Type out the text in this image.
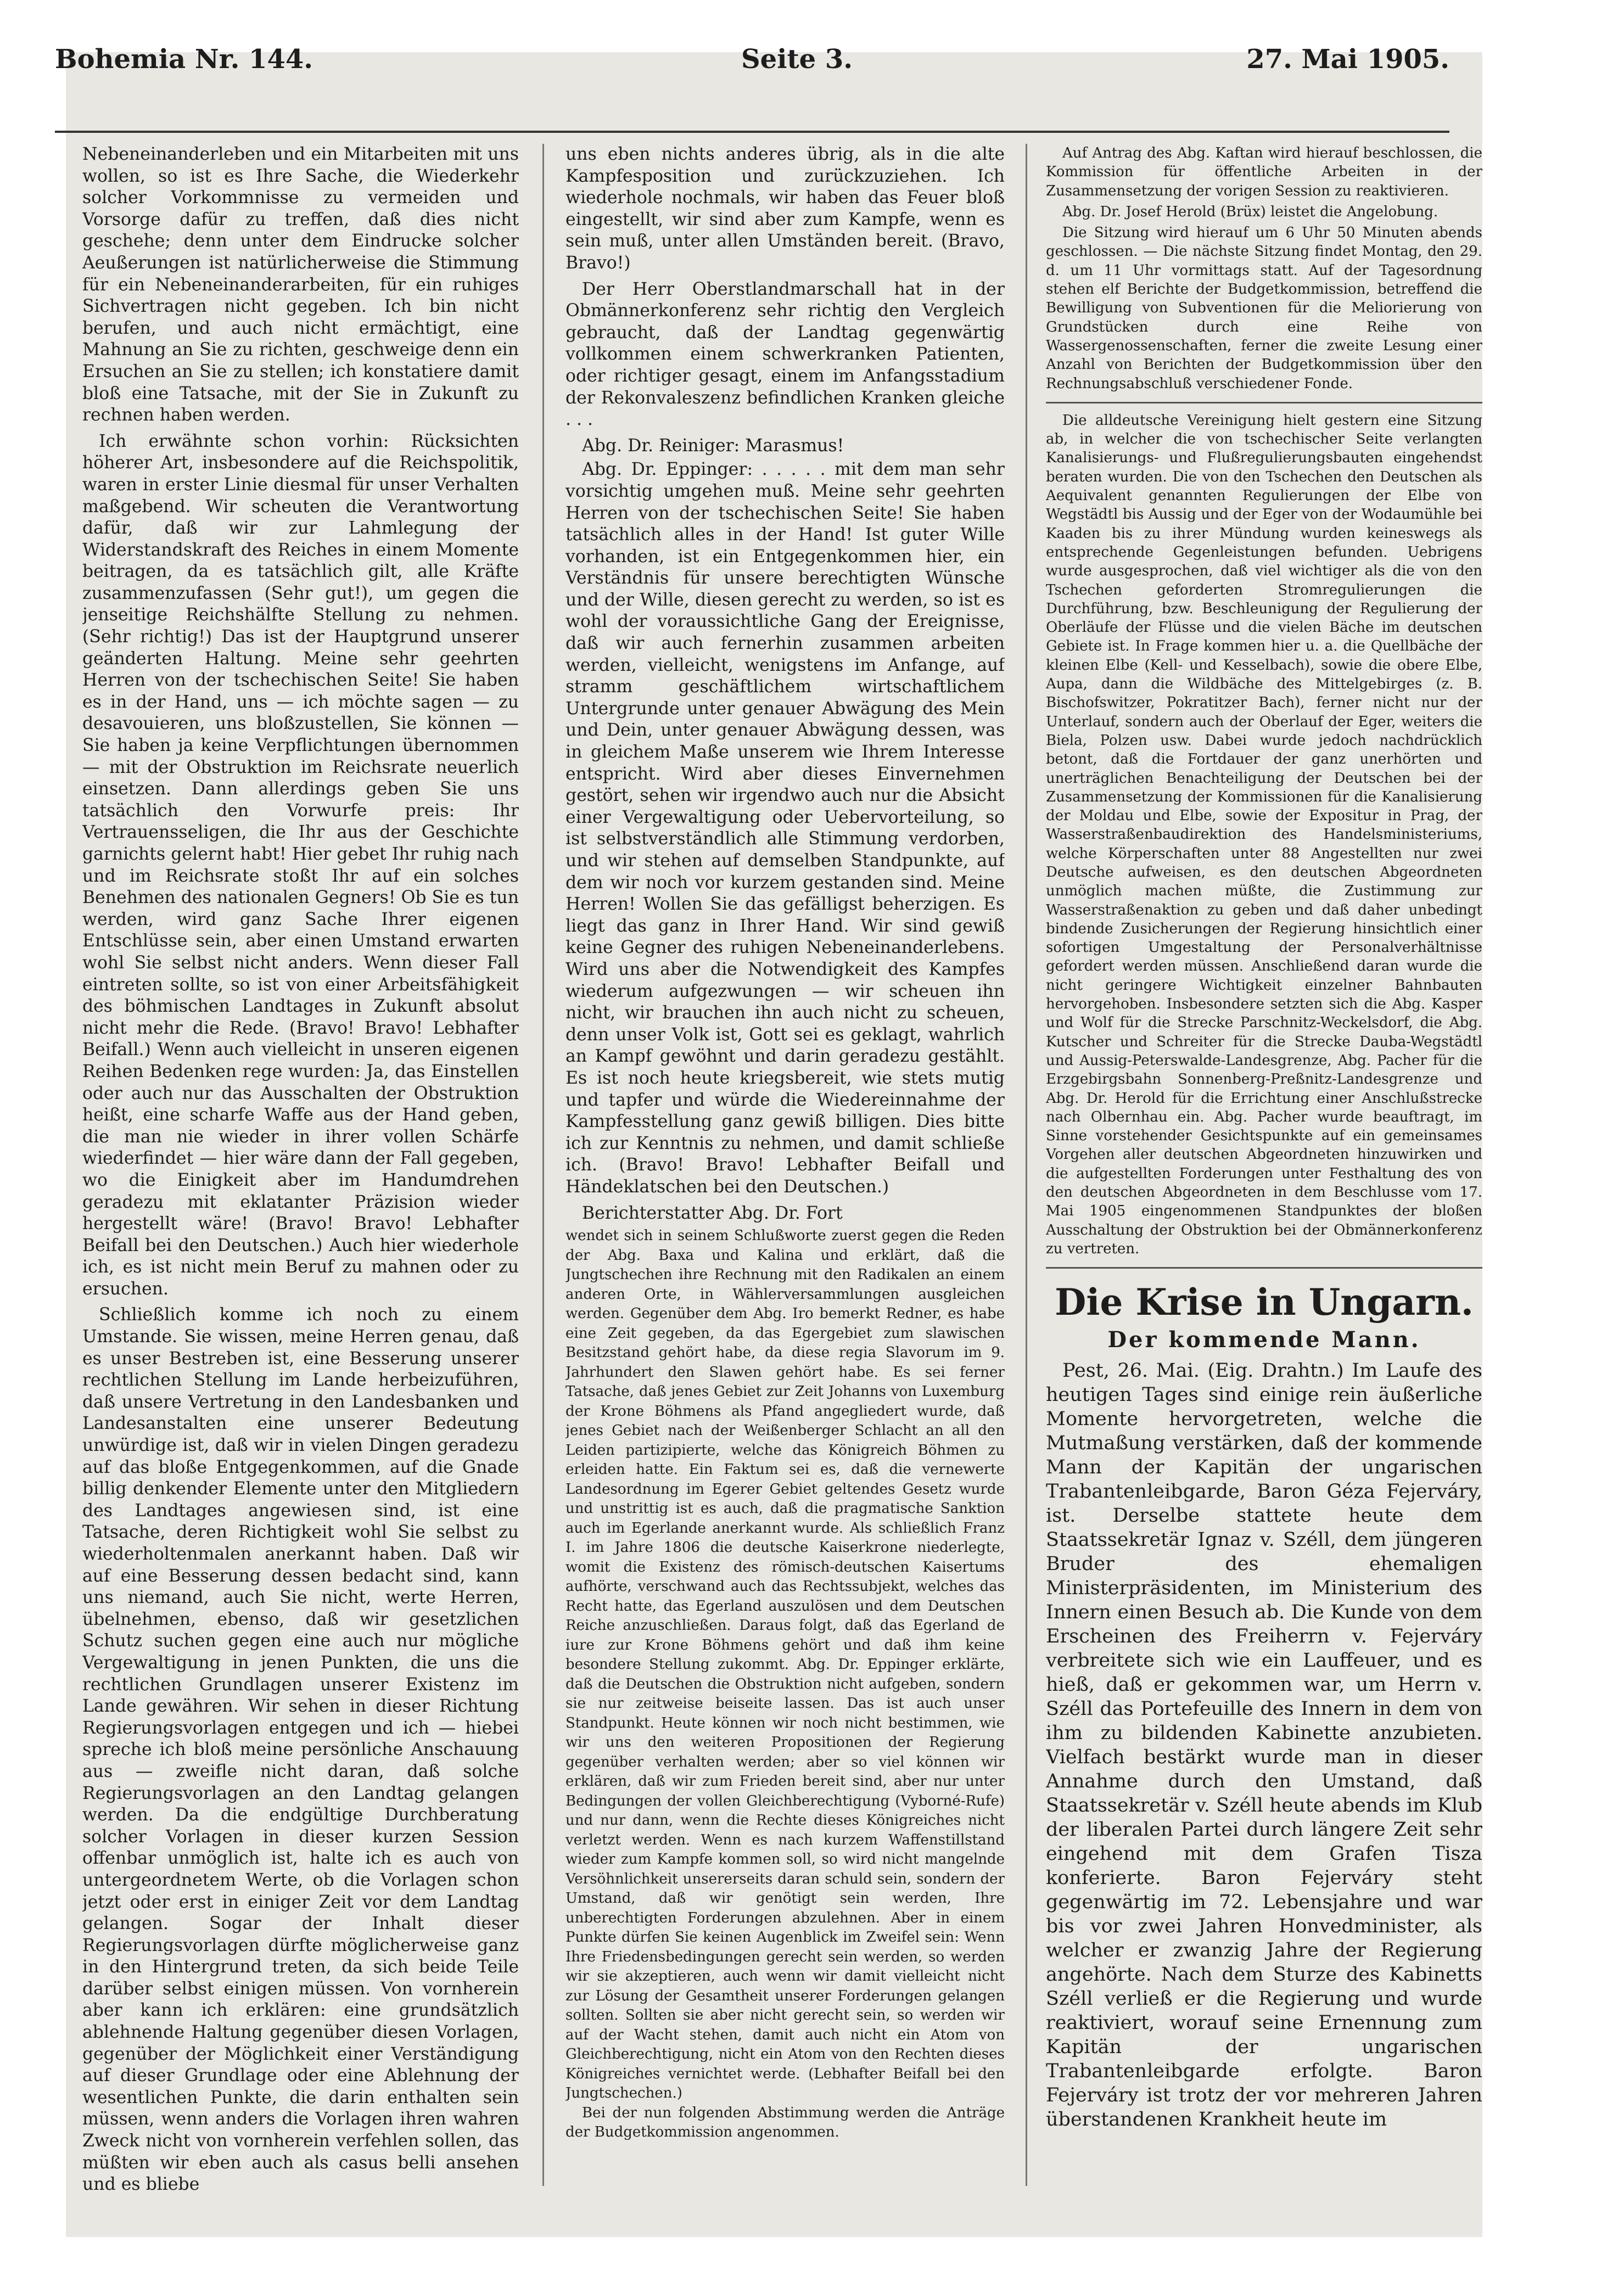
Bohemia Nr. 144.	Seite 3.	27. Mai 1905.

Nebeneinanderleben und ein Mitarbeiten mit uns wollen, so ist es Ihre Sache, die Wiederkehr solcher Vorkommnisse zu vermeiden und Vorsorge dafür zu treffen, daß dies nicht geschehe; denn unter dem Eindrucke solcher Aeußerungen ist natürlicherweise die Stimmung für ein Nebeneinanderarbeiten, für ein ruhiges Sichvertragen nicht gegeben. Ich bin nicht berufen, und auch nicht ermächtigt, eine Mahnung an Sie zu richten, geschweige denn ein Ersuchen an Sie zu stellen; ich konstatiere damit bloß eine Tatsache, mit der Sie in Zukunft zu rechnen haben werden.

Ich erwähnte schon vorhin: Rücksichten höherer Art, insbesondere auf die Reichspolitik, waren in erster Linie diesmal für unser Verhalten maßgebend. Wir scheuten die Verantwortung dafür, daß wir zur Lahmlegung der Widerstandskraft des Reiches in einem Momente beitragen, da es tatsächlich gilt, alle Kräfte zusammenzufassen (Sehr gut!), um gegen die jenseitige Reichshälfte Stellung zu nehmen. (Sehr richtig!) Das ist der Hauptgrund unserer geänderten Haltung. Meine sehr geehrten Herren von der tschechischen Seite! Sie haben es in der Hand, uns — ich möchte sagen — zu desavouieren, uns bloßzustellen, Sie können — Sie haben ja keine Verpflichtungen übernommen — mit der Obstruktion im Reichsrate neuerlich einsetzen. Dann allerdings geben Sie uns tatsächlich den Vorwurfe preis: Ihr Vertrauensseligen, die Ihr aus der Geschichte garnichts gelernt habt! Hier gebet Ihr ruhig nach und im Reichsrate stoßt Ihr auf ein solches Benehmen des nationalen Gegners! Ob Sie es tun werden, wird ganz Sache Ihrer eigenen Entschlüsse sein, aber einen Umstand erwarten wohl Sie selbst nicht anders. Wenn dieser Fall eintreten sollte, so ist von einer Arbeitsfähigkeit des böhmischen Landtages in Zukunft absolut nicht mehr die Rede. (Bravo! Bravo! Lebhafter Beifall.) Wenn auch vielleicht in unseren eigenen Reihen Bedenken rege wurden: Ja, das Einstellen oder auch nur das Ausschalten der Obstruktion heißt, eine scharfe Waffe aus der Hand geben, die man nie wieder in ihrer vollen Schärfe wiederfindet — hier wäre dann der Fall gegeben, wo die Einigkeit aber im Handumdrehen geradezu mit eklatanter Präzision wieder hergestellt wäre! (Bravo! Bravo! Lebhafter Beifall bei den Deutschen.) Auch hier wiederhole ich, es ist nicht mein Beruf zu mahnen oder zu ersuchen.

Schließlich komme ich noch zu einem Umstande. Sie wissen, meine Herren genau, daß es unser Bestreben ist, eine Besserung unserer rechtlichen Stellung im Lande herbeizuführen, daß unsere Vertretung in den Landesbanken und Landesanstalten eine unserer Bedeutung unwürdige ist, daß wir in vielen Dingen geradezu auf das bloße Entgegenkommen, auf die Gnade billig denkender Elemente unter den Mitgliedern des Landtages angewiesen sind, ist eine Tatsache, deren Richtigkeit wohl Sie selbst zu wiederholtenmalen anerkannt haben. Daß wir auf eine Besserung dessen bedacht sind, kann uns niemand, auch Sie nicht, werte Herren, übelnehmen, ebenso, daß wir gesetzlichen Schutz suchen gegen eine auch nur mögliche Vergewaltigung in jenen Punkten, die uns die rechtlichen Grundlagen unserer Existenz im Lande gewähren. Wir sehen in dieser Richtung Regierungsvorlagen entgegen und ich — hiebei spreche ich bloß meine persönliche Anschauung aus — zweifle nicht daran, daß solche Regierungsvorlagen an den Landtag gelangen werden. Da die endgültige Durchberatung solcher Vorlagen in dieser kurzen Session offenbar unmöglich ist, halte ich es auch von untergeordnetem Werte, ob die Vorlagen schon jetzt oder erst in einiger Zeit vor dem Landtag gelangen. Sogar der Inhalt dieser Regierungsvorlagen dürfte möglicherweise ganz in den Hintergrund treten, da sich beide Teile darüber selbst einigen müssen. Von vornherein aber kann ich erklären: eine grundsätzlich ablehnende Haltung gegenüber diesen Vorlagen, gegenüber der Möglichkeit einer Verständigung auf dieser Grundlage oder eine Ablehnung der wesentlichen Punkte, die darin enthalten sein müssen, wenn anders die Vorlagen ihren wahren Zweck nicht von vornherein verfehlen sollen, das müßten wir eben auch als casus belli ansehen und es bliebe

uns eben nichts anderes übrig, als in die alte Kampfesposition und zurückzuziehen. Ich wiederhole nochmals, wir haben das Feuer bloß eingestellt, wir sind aber zum Kampfe, wenn es sein muß, unter allen Umständen bereit. (Bravo, Bravo!)

Der Herr Oberstlandmarschall hat in der Obmännerkonferenz sehr richtig den Vergleich gebraucht, daß der Landtag gegenwärtig vollkommen einem schwerkranken Patienten, oder richtiger gesagt, einem im Anfangsstadium der Rekonvaleszenz befindlichen Kranken gleiche . . .

Abg. Dr. Reiniger: Marasmus!

Abg. Dr. Eppinger: . . . . . mit dem man sehr vorsichtig umgehen muß. Meine sehr geehrten Herren von der tschechischen Seite! Sie haben tatsächlich alles in der Hand! Ist guter Wille vorhanden, ist ein Entgegenkommen hier, ein Verständnis für unsere berechtigten Wünsche und der Wille, diesen gerecht zu werden, so ist es wohl der voraussichtliche Gang der Ereignisse, daß wir auch fernerhin zusammen arbeiten werden, vielleicht, wenigstens im Anfange, auf stramm geschäftlichem wirtschaftlichem Untergrunde unter genauer Abwägung des Mein und Dein, unter genauer Abwägung dessen, was in gleichem Maße unserem wie Ihrem Interesse entspricht. Wird aber dieses Einvernehmen gestört, sehen wir irgendwo auch nur die Absicht einer Vergewaltigung oder Uebervorteilung, so ist selbstverständlich alle Stimmung verdorben, und wir stehen auf demselben Standpunkte, auf dem wir noch vor kurzem gestanden sind. Meine Herren! Wollen Sie das gefälligst beherzigen. Es liegt das ganz in Ihrer Hand. Wir sind gewiß keine Gegner des ruhigen Nebeneinanderlebens. Wird uns aber die Notwendigkeit des Kampfes wiederum aufgezwungen — wir scheuen ihn nicht, wir brauchen ihn auch nicht zu scheuen, denn unser Volk ist, Gott sei es geklagt, wahrlich an Kampf gewöhnt und darin geradezu gestählt. Es ist noch heute kriegsbereit, wie stets mutig und tapfer und würde die Wiedereinnahme der Kampfesstellung ganz gewiß billigen. Dies bitte ich zur Kenntnis zu nehmen, und damit schließe ich. (Bravo! Bravo! Lebhafter Beifall und Händeklatschen bei den Deutschen.)

Berichterstatter Abg. Dr. Fort

wendet sich in seinem Schlußworte zuerst gegen die Reden der Abg. Baxa und Kalina und erklärt, daß die Jungtschechen ihre Rechnung mit den Radikalen an einem anderen Orte, in Wählerversammlungen ausgleichen werden. Gegenüber dem Abg. Iro bemerkt Redner, es habe eine Zeit gegeben, da das Egergebiet zum slawischen Besitzstand gehört habe, da diese regia Slavorum im 9. Jahrhundert den Slawen gehört habe. Es sei ferner Tatsache, daß jenes Gebiet zur Zeit Johanns von Luxemburg der Krone Böhmens als Pfand angegliedert wurde, daß jenes Gebiet nach der Weißenberger Schlacht an all den Leiden partizipierte, welche das Königreich Böhmen zu erleiden hatte. Ein Faktum sei es, daß die vernewerte Landesordnung im Egerer Gebiet geltendes Gesetz wurde und unstrittig ist es auch, daß die pragmatische Sanktion auch im Egerlande anerkannt wurde. Als schließlich Franz I. im Jahre 1806 die deutsche Kaiserkrone niederlegte, womit die Existenz des römisch-deutschen Kaisertums aufhörte, verschwand auch das Rechtssubjekt, welches das Recht hatte, das Egerland auszulösen und dem Deutschen Reiche anzuschließen. Daraus folgt, daß das Egerland de iure zur Krone Böhmens gehört und daß ihm keine besondere Stellung zukommt. Abg. Dr. Eppinger erklärte, daß die Deutschen die Obstruktion nicht aufgeben, sondern sie nur zeitweise beiseite lassen. Das ist auch unser Standpunkt. Heute können wir noch nicht bestimmen, wie wir uns den weiteren Propositionen der Regierung gegenüber verhalten werden; aber so viel können wir erklären, daß wir zum Frieden bereit sind, aber nur unter Bedingungen der vollen Gleichberechtigung (Vyborné-Rufe) und nur dann, wenn die Rechte dieses Königreiches nicht verletzt werden. Wenn es nach kurzem Waffenstillstand wieder zum Kampfe kommen soll, so wird nicht mangelnde Versöhnlichkeit unsererseits daran schuld sein, sondern der Umstand, daß wir genötigt sein werden, Ihre unberechtigten Forderungen abzulehnen. Aber in einem Punkte dürfen Sie keinen Augenblick im Zweifel sein: Wenn Ihre Friedensbedingungen gerecht sein werden, so werden wir sie akzeptieren, auch wenn wir damit vielleicht nicht zur Lösung der Gesamtheit unserer Forderungen gelangen sollten. Sollten sie aber nicht gerecht sein, so werden wir auf der Wacht stehen, damit auch nicht ein Atom von Gleichberechtigung, nicht ein Atom von den Rechten dieses Königreiches vernichtet werde. (Lebhafter Beifall bei den Jungtschechen.)

Bei der nun folgenden Abstimmung werden die Anträge der Budgetkommission angenommen.

Auf Antrag des Abg. Kaftan wird hierauf beschlossen, die Kommission für öffentliche Arbeiten in der Zusammensetzung der vorigen Session zu reaktivieren.

Abg. Dr. Josef Herold (Brüx) leistet die Angelobung.

Die Sitzung wird hierauf um 6 Uhr 50 Minuten abends geschlossen. — Die nächste Sitzung findet Montag, den 29. d. um 11 Uhr vormittags statt. Auf der Tagesordnung stehen elf Berichte der Budgetkommission, betreffend die Bewilligung von Subventionen für die Meliorierung von Grundstücken durch eine Reihe von Wassergenossenschaften, ferner die zweite Lesung einer Anzahl von Berichten der Budgetkommission über den Rechnungsabschluß verschiedener Fonde.

Die alldeutsche Vereinigung hielt gestern eine Sitzung ab, in welcher die von tschechischer Seite verlangten Kanalisierungs- und Flußregulierungsbauten eingehendst beraten wurden. Die von den Tschechen den Deutschen als Aequivalent genannten Regulierungen der Elbe von Wegstädtl bis Aussig und der Eger von der Wodaumühle bei Kaaden bis zu ihrer Mündung wurden keineswegs als entsprechende Gegenleistungen befunden. Uebrigens wurde ausgesprochen, daß viel wichtiger als die von den Tschechen geforderten Stromregulierungen die Durchführung, bzw. Beschleunigung der Regulierung der Oberläufe der Flüsse und die vielen Bäche im deutschen Gebiete ist. In Frage kommen hier u. a. die Quellbäche der kleinen Elbe (Kell- und Kesselbach), sowie die obere Elbe, Aupa, dann die Wildbäche des Mittelgebirges (z. B. Bischofswitzer, Pokratitzer Bach), ferner nicht nur der Unterlauf, sondern auch der Oberlauf der Eger, weiters die Biela, Polzen usw. Dabei wurde jedoch nachdrücklich betont, daß die Fortdauer der ganz unerhörten und unerträglichen Benachteiligung der Deutschen bei der Zusammensetzung der Kommissionen für die Kanalisierung der Moldau und Elbe, sowie der Expositur in Prag, der Wasserstraßenbaudirektion des Handelsministeriums, welche Körperschaften unter 88 Angestellten nur zwei Deutsche aufweisen, es den deutschen Abgeordneten unmöglich machen müßte, die Zustimmung zur Wasserstraßenaktion zu geben und daß daher unbedingt bindende Zusicherungen der Regierung hinsichtlich einer sofortigen Umgestaltung der Personalverhältnisse gefordert werden müssen. Anschließend daran wurde die nicht geringere Wichtigkeit einzelner Bahnbauten hervorgehoben. Insbesondere setzten sich die Abg. Kasper und Wolf für die Strecke Parschnitz-Weckelsdorf, die Abg. Kutscher und Schreiter für die Strecke Dauba-Wegstädtl und Aussig-Peterswalde-Landesgrenze, Abg. Pacher für die Erzgebirgsbahn Sonnenberg-Preßnitz-Landesgrenze und Abg. Dr. Herold für die Errichtung einer Anschlußstrecke nach Olbernhau ein. Abg. Pacher wurde beauftragt, im Sinne vorstehender Gesichtspunkte auf ein gemeinsames Vorgehen aller deutschen Abgeordneten hinzuwirken und die aufgestellten Forderungen unter Festhaltung des von den deutschen Abgeordneten in dem Beschlusse vom 17. Mai 1905 eingenommenen Standpunktes der bloßen Ausschaltung der Obstruktion bei der Obmännerkonferenz zu vertreten.

Die Krise in Ungarn.
Der kommende Mann.

Pest, 26. Mai. (Eig. Drahtn.) Im Laufe des heutigen Tages sind einige rein äußerliche Momente hervorgetreten, welche die Mutmaßung verstärken, daß der kommende Mann der Kapitän der ungarischen Trabantenleibgarde, Baron Géza Fejerváry, ist. Derselbe stattete heute dem Staatssekretär Ignaz v. Széll, dem jüngeren Bruder des ehemaligen Ministerpräsidenten, im Ministerium des Innern einen Besuch ab. Die Kunde von dem Erscheinen des Freiherrn v. Fejerváry verbreitete sich wie ein Lauffeuer, und es hieß, daß er gekommen war, um Herrn v. Széll das Portefeuille des Innern in dem von ihm zu bildenden Kabinette anzubieten. Vielfach bestärkt wurde man in dieser Annahme durch den Umstand, daß Staatssekretär v. Széll heute abends im Klub der liberalen Partei durch längere Zeit sehr eingehend mit dem Grafen Tisza konferierte. Baron Fejerváry steht gegenwärtig im 72. Lebensjahre und war bis vor zwei Jahren Honvedminister, als welcher er zwanzig Jahre der Regierung angehörte. Nach dem Sturze des Kabinetts Széll verließ er die Regierung und wurde reaktiviert, worauf seine Ernennung zum Kapitän der ungarischen Trabantenleibgarde erfolgte. Baron Fejerváry ist trotz der vor mehreren Jahren überstandenen Krankheit heute im
